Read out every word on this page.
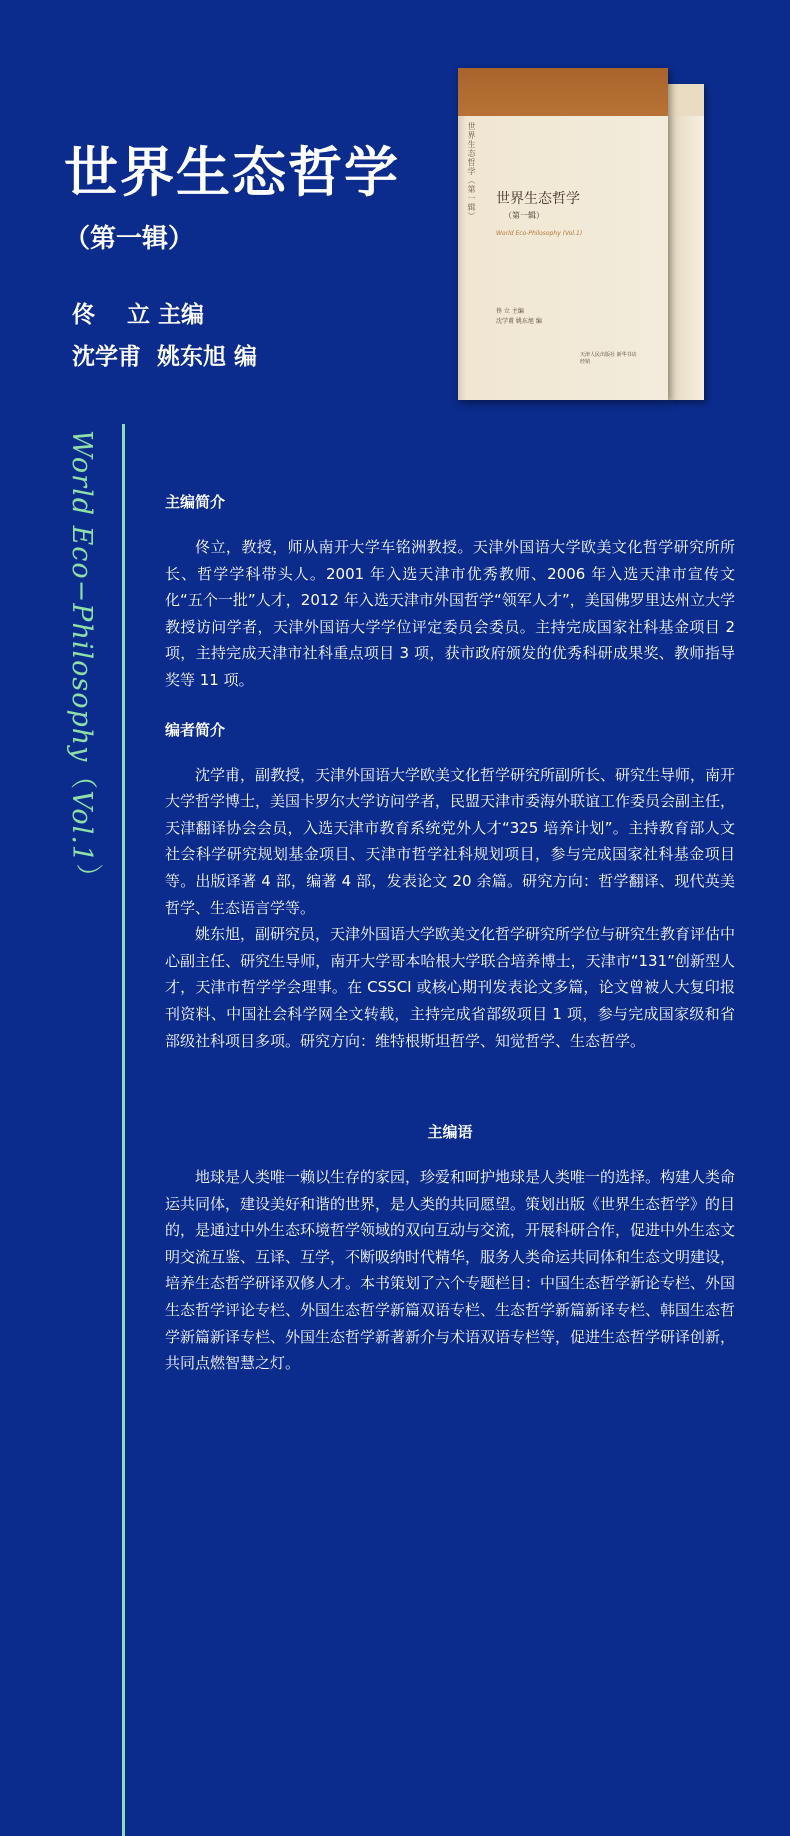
世界生态哲学

（第一辑）

佟    立 主编

沈学甫  姚东旭 编

世界生态哲学（第一辑） 世界生态哲学
（第一辑）
World Eco-Philosophy (Vol.1)
佟 立 主编
沈学甫 姚东旭 编
天津人民出版社 新华书店经销

World Eco−Philosophy（Vol.1）	主编简介

佟立，教授，师从南开大学车铭洲教授。天津外国语大学欧美文化哲学研究所所长、哲学学科带头人。2001 年入选天津市优秀教师、2006 年入选天津市宣传文化“五个一批”人才，2012 年入选天津市外国哲学“领军人才”，美国佛罗里达州立大学教授访问学者，天津外国语大学学位评定委员会委员。主持完成国家社科基金项目 2 项，主持完成天津市社科重点项目 3 项，获市政府颁发的优秀科研成果奖、教师指导奖等 11 项。

编者简介

沈学甫，副教授，天津外国语大学欧美文化哲学研究所副所长、研究生导师，南开大学哲学博士，美国卡罗尔大学访问学者，民盟天津市委海外联谊工作委员会副主任，天津翻译协会会员，入选天津市教育系统党外人才“325 培养计划”。主持教育部人文社会科学研究规划基金项目、天津市哲学社科规划项目，参与完成国家社科基金项目等。出版译著 4 部，编著 4 部，发表论文 20 余篇。研究方向：哲学翻译、现代英美哲学、生态语言学等。

姚东旭，副研究员，天津外国语大学欧美文化哲学研究所学位与研究生教育评估中心副主任、研究生导师，南开大学哥本哈根大学联合培养博士，天津市“131”创新型人才，天津市哲学学会理事。在 CSSCI 或核心期刊发表论文多篇，论文曾被人大复印报刊资料、中国社会科学网全文转载，主持完成省部级项目 1 项，参与完成国家级和省部级社科项目多项。研究方向：维特根斯坦哲学、知觉哲学、生态哲学。

主编语

地球是人类唯一赖以生存的家园，珍爱和呵护地球是人类唯一的选择。构建人类命运共同体，建设美好和谐的世界，是人类的共同愿望。策划出版《世界生态哲学》的目的，是通过中外生态环境哲学领域的双向互动与交流，开展科研合作，促进中外生态文明交流互鉴、互译、互学，不断吸纳时代精华，服务人类命运共同体和生态文明建设，培养生态哲学研译双修人才。本书策划了六个专题栏目：中国生态哲学新论专栏、外国生态哲学评论专栏、外国生态哲学新篇双语专栏、生态哲学新篇新译专栏、韩国生态哲学新篇新译专栏、外国生态哲学新著新介与术语双语专栏等，促进生态哲学研译创新，共同点燃智慧之灯。
